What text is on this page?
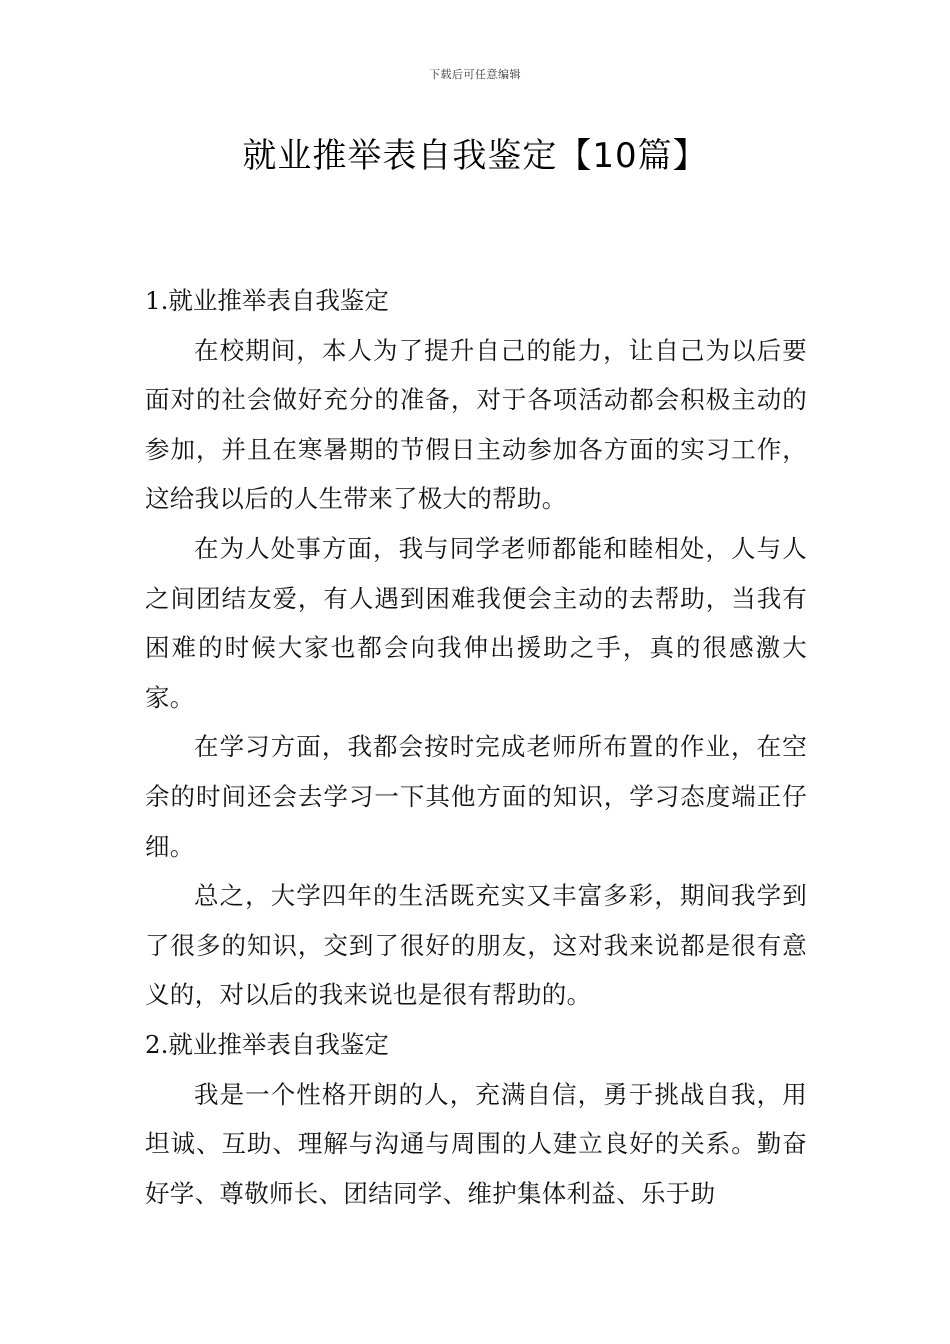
下载后可任意编辑
就业推举表自我鉴定【10篇】

1.就业推举表自我鉴定

在校期间，本人为了提升自己的能力，让自己为以后要面对的社会做好充分的准备，对于各项活动都会积极主动的参加，并且在寒暑期的节假日主动参加各方面的实习工作，这给我以后的人生带来了极大的帮助。

在为人处事方面，我与同学老师都能和睦相处，人与人之间团结友爱，有人遇到困难我便会主动的去帮助，当我有困难的时候大家也都会向我伸出援助之手，真的很感激大家。

在学习方面，我都会按时完成老师所布置的作业，在空余的时间还会去学习一下其他方面的知识，学习态度端正仔细。

总之，大学四年的生活既充实又丰富多彩，期间我学到了很多的知识，交到了很好的朋友，这对我来说都是很有意义的，对以后的我来说也是很有帮助的。

2.就业推举表自我鉴定

我是一个性格开朗的人，充满自信，勇于挑战自我，用坦诚、互助、理解与沟通与周围的人建立良好的关系。勤奋好学、尊敬师长、团结同学、维护集体利益、乐于助
